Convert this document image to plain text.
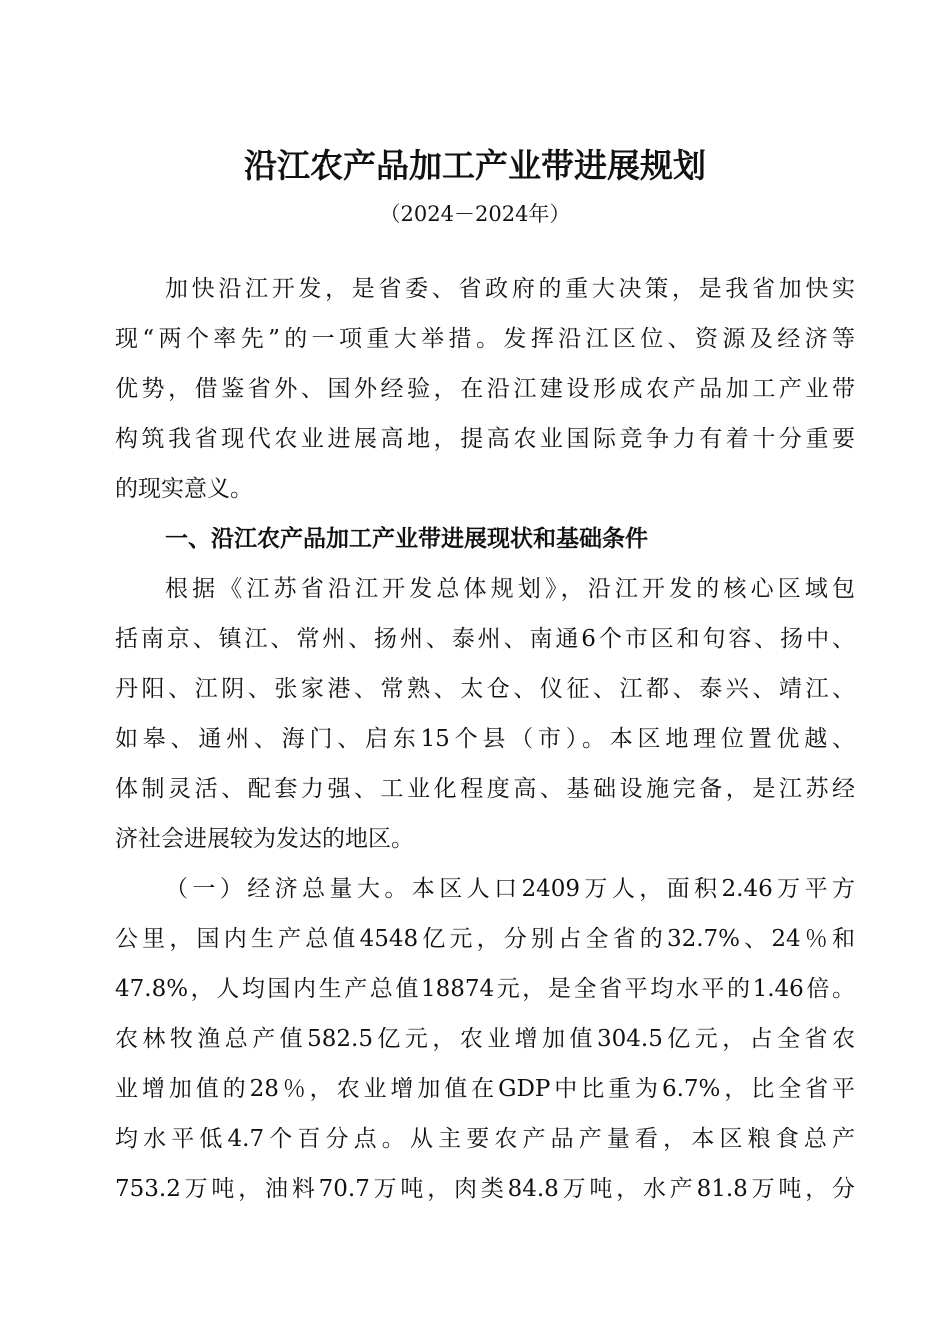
沿江农产品加工产业带进展规划
（2024－2024年）
加快沿江开发，是省委、省政府的重大决策，是我省加快实
现“两个率先”的一项重大举措。发挥沿江区位、资源及经济等
优势，借鉴省外、国外经验，在沿江建设形成农产品加工产业带
构筑我省现代农业进展高地，提高农业国际竞争力有着十分重要
的现实意义。
一、沿江农产品加工产业带进展现状和基础条件
根据《江苏省沿江开发总体规划》，沿江开发的核心区域包
括南京、镇江、常州、扬州、泰州、南通6个市区和句容、扬中、
丹阳、江阴、张家港、常熟、太仓、仪征、江都、泰兴、靖江、
如皋、通州、海门、启东15个县（市）。本区地理位置优越、
体制灵活、配套力强、工业化程度高、基础设施完备，是江苏经
济社会进展较为发达的地区。
（一）经济总量大。本区人口2409万人，面积2.46万平方
公里，国内生产总值4548亿元，分别占全省的32.7%、24％和
47.8%，人均国内生产总值18874元，是全省平均水平的1.46倍。
农林牧渔总产值582.5亿元，农业增加值304.5亿元，占全省农
业增加值的28％，农业增加值在GDP中比重为6.7%，比全省平
均水平低4.7个百分点。从主要农产品产量看，本区粮食总产
753.2万吨，油料70.7万吨，肉类84.8万吨，水产81.8万吨，分
